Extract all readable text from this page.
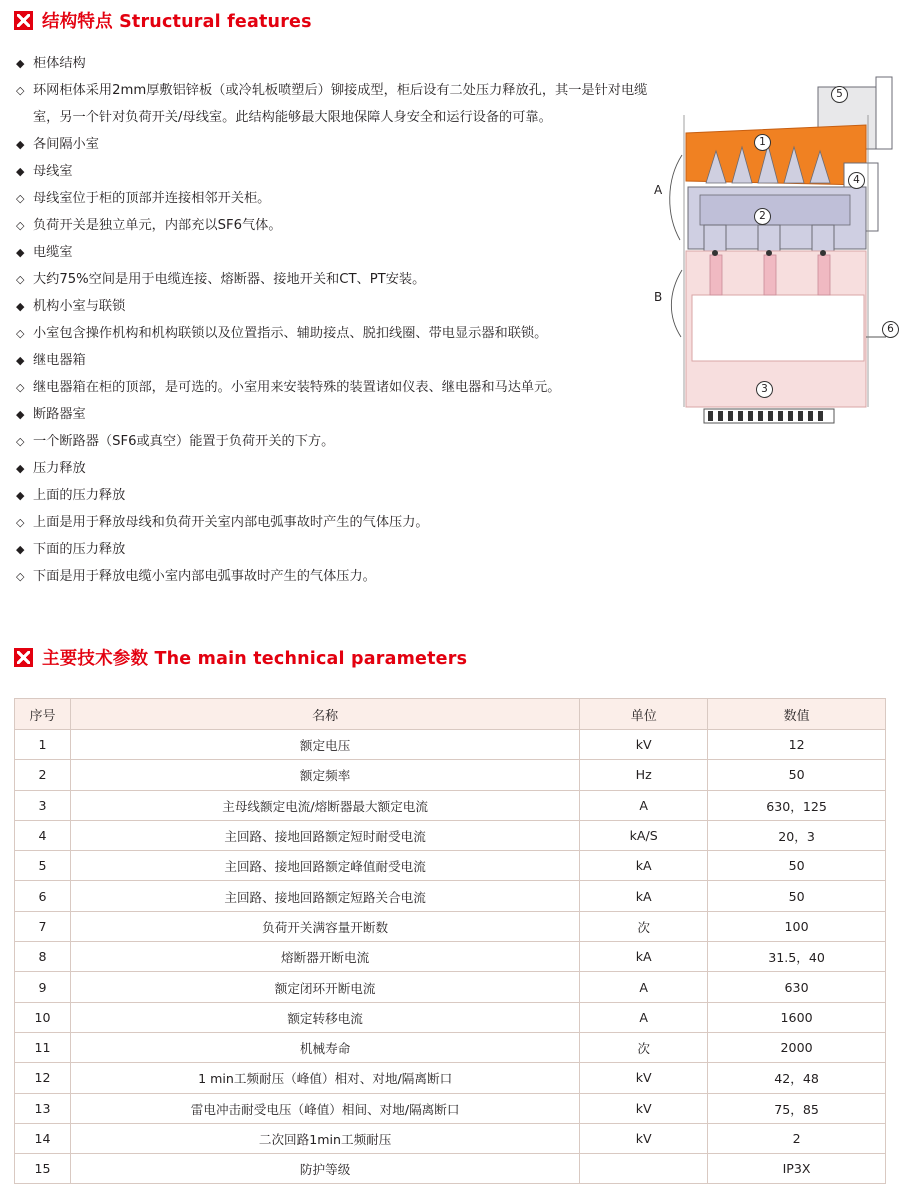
结构特点 Structural features
◆ 柜体结构
◇ 环网柜体采用2mm厚敷铝锌板（或冷轧板喷塑后）铆接成型，柜后设有二处压力释放孔，其一是针对电缆室，另一个针对负荷开关/母线室。此结构能够最大限地保障人身安全和运行设备的可靠。
◆ 各间隔小室
◆ 母线室
◇ 母线室位于柜的顶部并连接相邻开关柜。
◇ 负荷开关是独立单元，内部充以SF6气体。
◆ 电缆室
◇ 大约75%空间是用于电缆连接、熔断器、接地开关和CT、PT安装。
◆ 机构小室与联锁
◇ 小室包含操作机构和机构联锁以及位置指示、辅助接点、脱扣线圈、带电显示器和联锁。
◆ 继电器箱
◇ 继电器箱在柜的顶部，是可选的。小室用来安装特殊的装置诸如仪表、继电器和马达单元。
◆ 断路器室
◇ 一个断路器（SF6或真空）能置于负荷开关的下方。
◆ 压力释放
◆ 上面的压力释放
◇ 上面是用于释放母线和负荷开关室内部电弧事故时产生的气体压力。
◆ 下面的压力释放
◇ 下面是用于释放电缆小室内部电弧事故时产生的气体压力。
1
2
3
4
5
6
A
B
主要技术参数 The main technical parameters
序号	名称	单位	数值
1	额定电压	kV	12
2	额定频率	Hz	50
3	主母线额定电流/熔断器最大额定电流	A	630，125
4	主回路、接地回路额定短时耐受电流	kA/S	20，3
5	主回路、接地回路额定峰值耐受电流	kA	50
6	主回路、接地回路额定短路关合电流	kA	50
7	负荷开关满容量开断数	次	100
8	熔断器开断电流	kA	31.5，40
9	额定闭环开断电流	A	630
10	额定转移电流	A	1600
11	机械寿命	次	2000
12	1 min工频耐压（峰值）相对、对地/隔离断口	kV	42，48
13	雷电冲击耐受电压（峰值）相间、对地/隔离断口	kV	75，85
14	二次回路1min工频耐压	kV	2
15	防护等级		IP3X
